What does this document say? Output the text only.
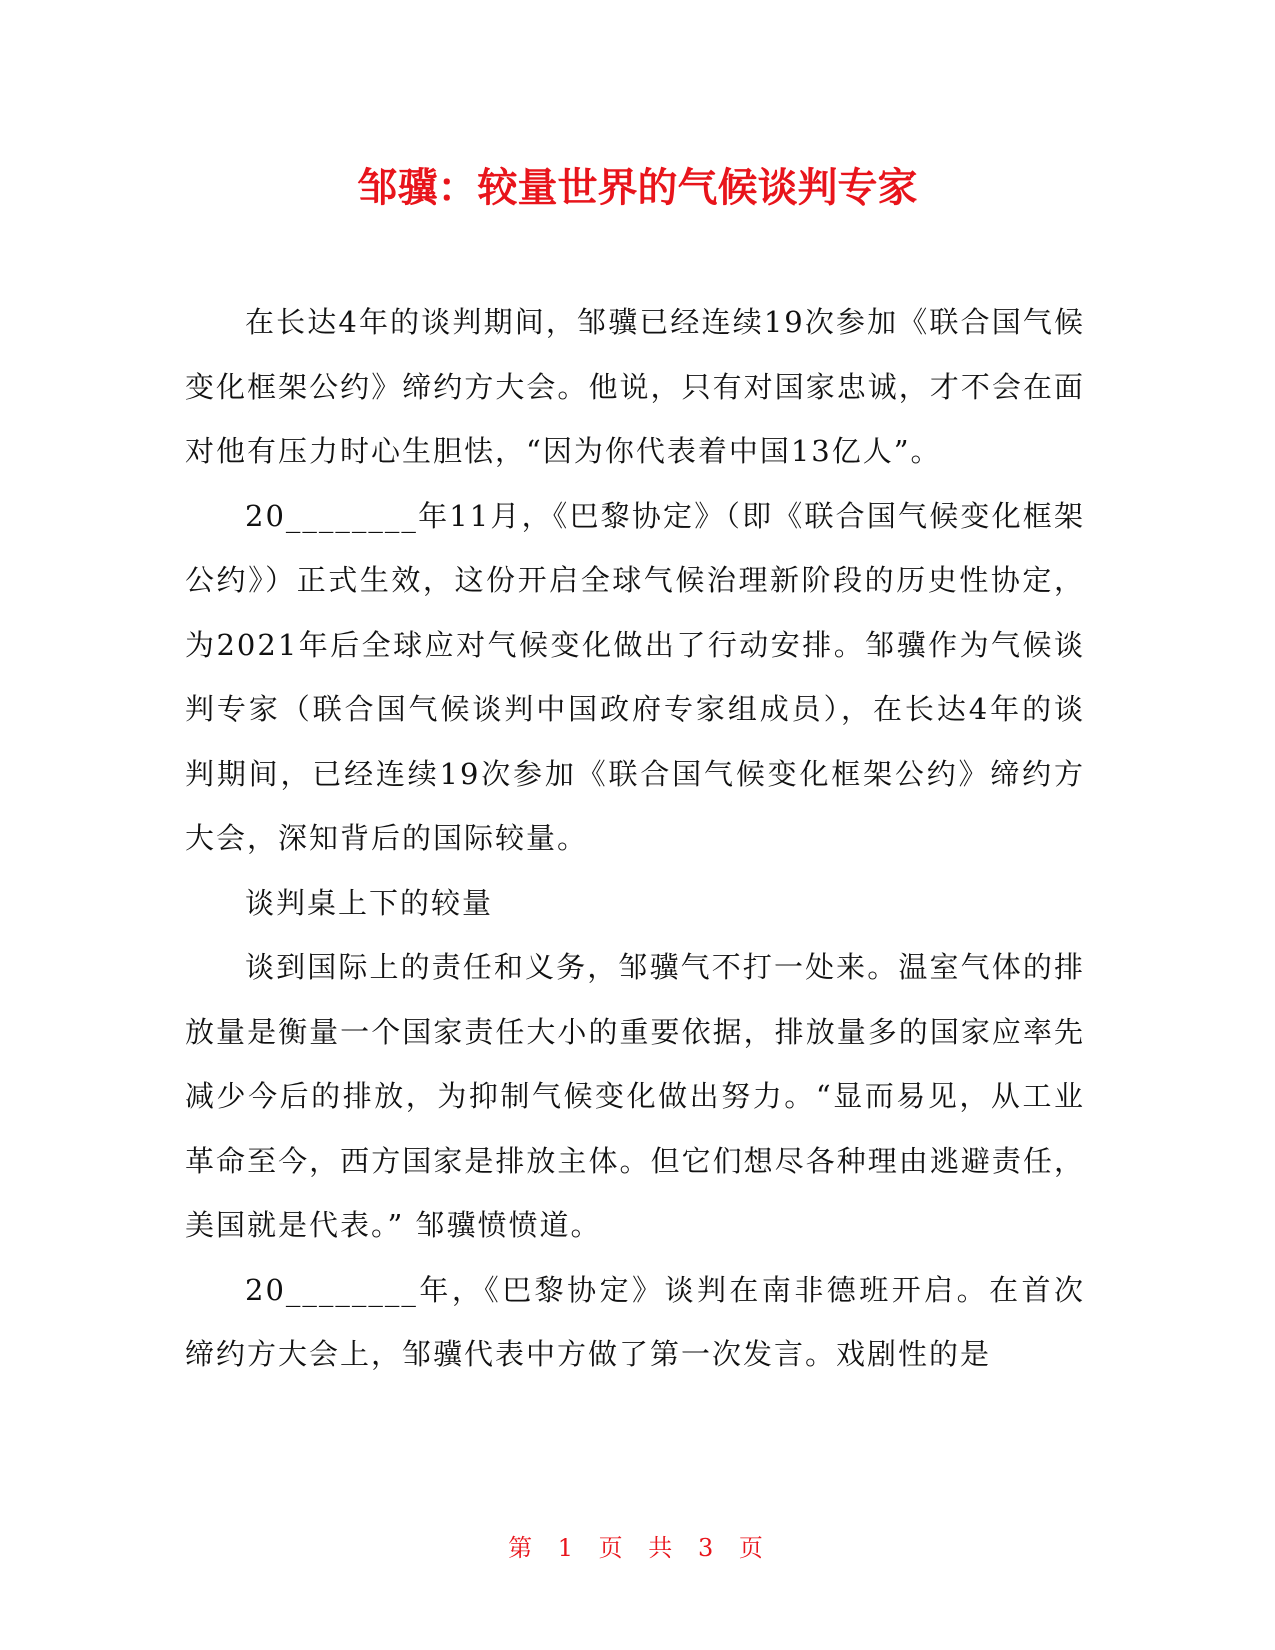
邹骥：较量世界的气候谈判专家

在长达4年的谈判期间，邹骥已经连续19次参加《联合国气候变化框架公约》缔约方大会。他说，只有对国家忠诚，才不会在面对他有压力时心生胆怯，“因为你代表着中国13亿人”。

20________年11月，《巴黎协定》（即《联合国气候变化框架公约》）正式生效，这份开启全球气候治理新阶段的历史性协定，为2021年后全球应对气候变化做出了行动安排。邹骥作为气候谈判专家（联合国气候谈判中国政府专家组成员），在长达4年的谈判期间，已经连续19次参加《联合国气候变化框架公约》缔约方大会，深知背后的国际较量。

谈判桌上下的较量

谈到国际上的责任和义务，邹骥气不打一处来。温室气体的排放量是衡量一个国家责任大小的重要依据，排放量多的国家应率先减少今后的排放，为抑制气候变化做出努力。“显而易见，从工业革命至今，西方国家是排放主体。但它们想尽各种理由逃避责任，美国就是代表。” 邹骥愤愤道。

20________年，《巴黎协定》谈判在南非德班开启。在首次缔约方大会上，邹骥代表中方做了第一次发言。戏剧性的是

第 1 页 共 3 页
